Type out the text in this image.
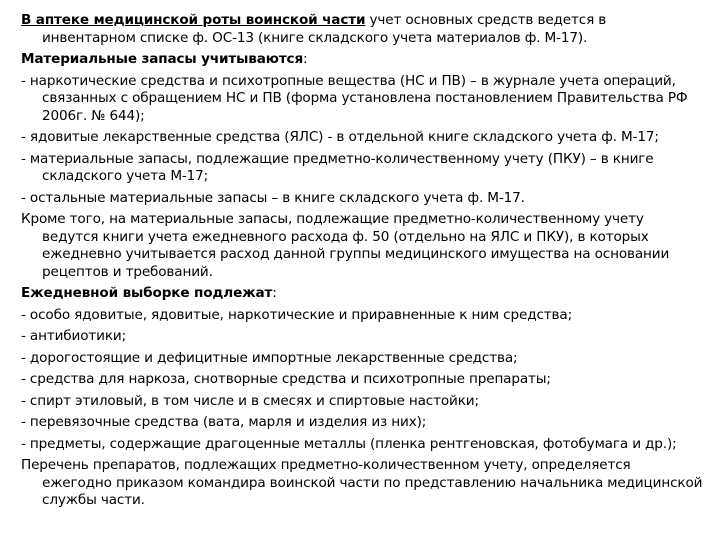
В аптеке медицинской роты воинской части учет основных средств ведется в инвентарном списке ф. ОС-13 (книге складского учета материалов ф. М-17).

Материальные запасы учитываются:

- наркотические средства и психотропные вещества (НС и ПВ) – в журнале учета операций, связанных с обращением НС и ПВ (форма установлена постановлением Правительства РФ 2006г. № 644);

- ядовитые лекарственные средства (ЯЛС) - в отдельной книге складского учета ф. М-17;

- материальные запасы, подлежащие предметно-количественному учету (ПКУ) – в книге складского учета М-17;

- остальные материальные запасы – в книге складского учета ф. М-17.

Кроме того, на материальные запасы, подлежащие предметно-количественному учету ведутся книги учета ежедневного расхода ф. 50 (отдельно на ЯЛС и ПКУ), в которых ежедневно учитывается расход данной группы медицинского имущества на основании рецептов и требований.

Ежедневной выборке подлежат:

- особо ядовитые, ядовитые, наркотические и приравненные к ним средства;

- антибиотики;

- дорогостоящие и дефицитные импортные лекарственные средства;

- средства для наркоза, снотворные средства и психотропные препараты;

- спирт этиловый, в том числе и в смесях и спиртовые настойки;

- перевязочные средства (вата, марля и изделия из них);

- предметы, содержащие драгоценные металлы (пленка рентгеновская, фотобумага и др.);

Перечень препаратов, подлежащих предметно-количественном учету, определяется ежегодно приказом командира воинской части по представлению начальника медицинской службы части.
